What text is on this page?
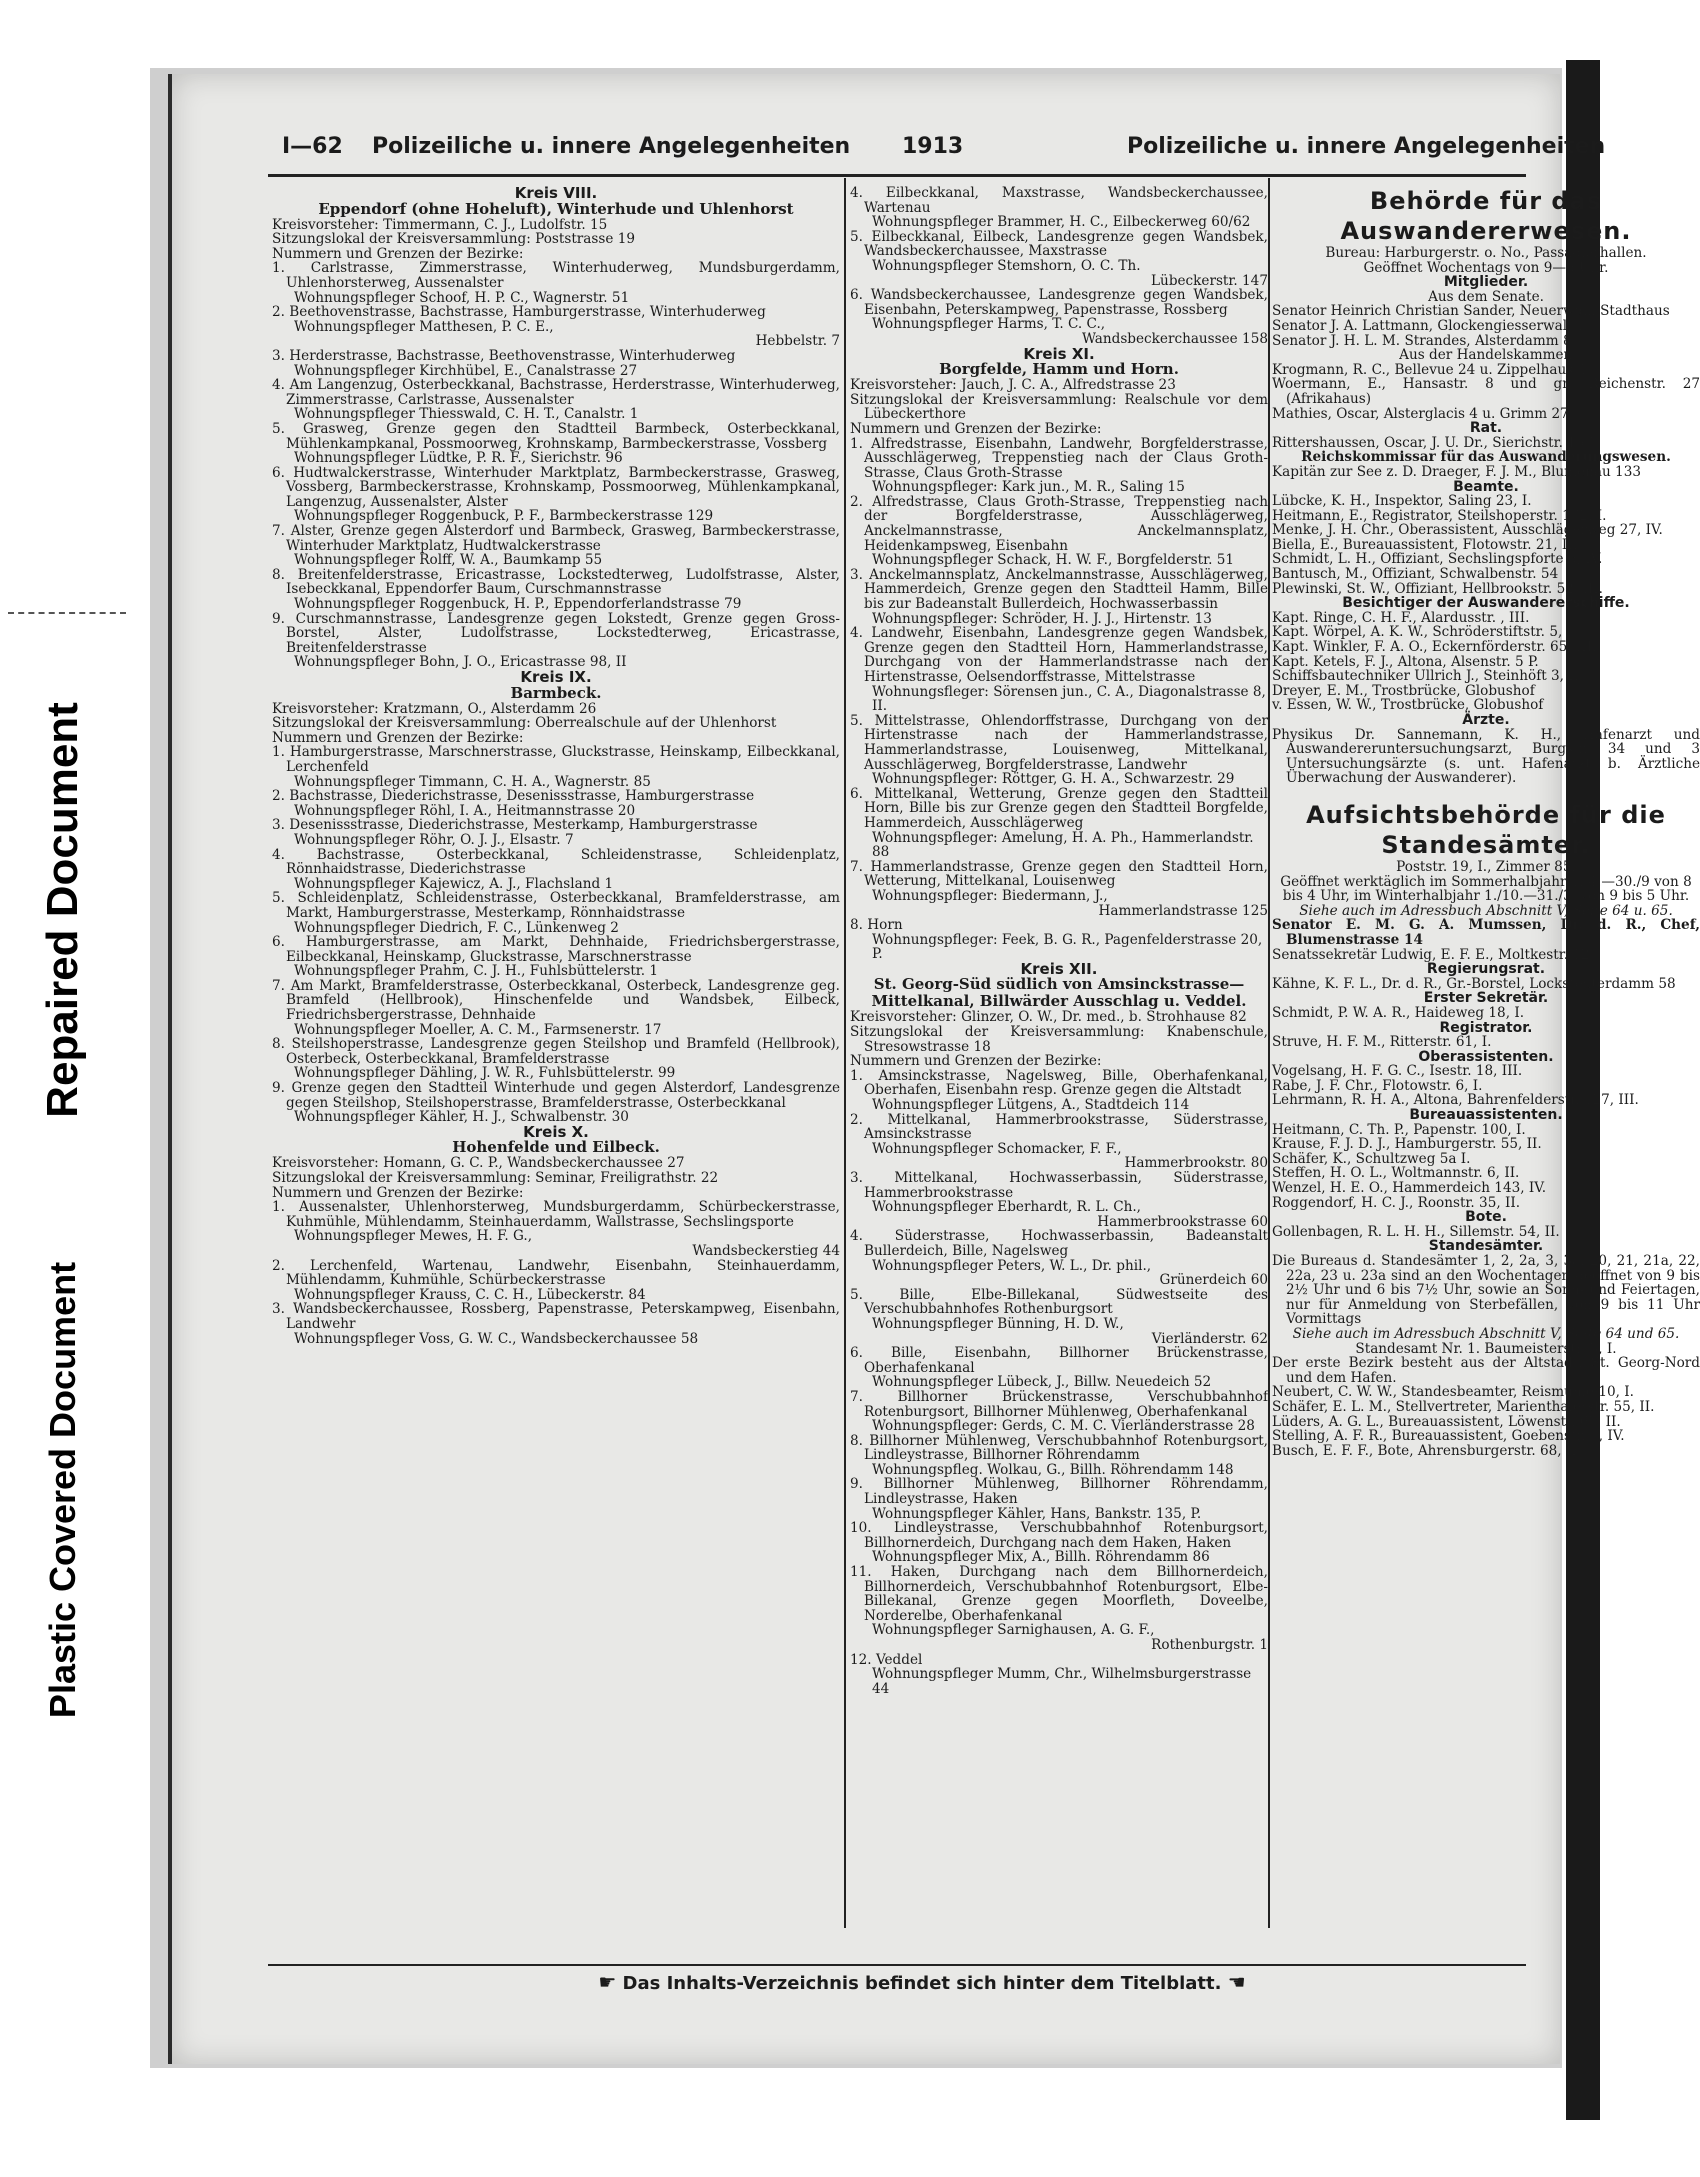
Repaired Document
Plastic Covered Document
I—62 Polizeiliche u. innere Angelegenheiten 1913	Polizeiliche u. innere Angelegenheiten

Kreis VIII.

Eppendorf (ohne Hoheluft), Winterhude und Uhlenhorst

Kreisvorsteher: Timmermann, C. J., Ludolfstr. 15

Sitzungslokal der Kreisversammlung: Poststrasse 19

Nummern und Grenzen der Bezirke:

1. Carlstrasse, Zimmerstrasse, Winterhuderweg, Mundsburgerdamm, Uhlenhorsterweg, Aussenalster

Wohnungspfleger Schoof, H. P. C., Wagnerstr. 51

2. Beethovenstrasse, Bachstrasse, Hamburgerstrasse, Winterhuderweg

Wohnungspfleger Matthesen, P. C. E.,

Hebbelstr. 7

3. Herderstrasse, Bachstrasse, Beethovenstrasse, Winterhuderweg

Wohnungspfleger Kirchhübel, E., Canalstrasse 27

4. Am Langenzug, Osterbeckkanal, Bachstrasse, Herderstrasse, Winterhuderweg, Zimmerstrasse, Carlstrasse, Aussenalster

Wohnungspfleger Thiesswald, C. H. T., Canalstr. 1

5. Grasweg, Grenze gegen den Stadtteil Barmbeck, Osterbeckkanal, Mühlenkampkanal, Possmoorweg, Krohnskamp, Barmbeckerstrasse, Vossberg

Wohnungspfleger Lüdtke, P. R. F., Sierichstr. 96

6. Hudtwalckerstrasse, Winterhuder Marktplatz, Barmbeckerstrasse, Grasweg, Vossberg, Barmbeckerstrasse, Krohnskamp, Possmoorweg, Mühlenkampkanal, Langenzug, Aussenalster, Alster

Wohnungspfleger Roggenbuck, P. F., Barmbeckerstrasse 129

7. Alster, Grenze gegen Alsterdorf und Barmbeck, Grasweg, Barmbeckerstrasse, Winterhuder Marktplatz, Hudtwalckerstrasse

Wohnungspfleger Rolff, W. A., Baumkamp 55

8. Breitenfelderstrasse, Ericastrasse, Lockstedterweg, Ludolfstrasse, Alster, Isebeckkanal, Eppendorfer Baum, Curschmannstrasse

Wohnungspfleger Roggenbuck, H. P., Eppendorferlandstrasse 79

9. Curschmannstrasse, Landesgrenze gegen Lokstedt, Grenze gegen Gross-Borstel, Alster, Ludolfstrasse, Lockstedterweg, Ericastrasse, Breitenfelderstrasse

Wohnungspfleger Bohn, J. O., Ericastrasse 98, II

Kreis IX.

Barmbeck.

Kreisvorsteher: Kratzmann, O., Alsterdamm 26

Sitzungslokal der Kreisversammlung: Oberrealschule auf der Uhlenhorst

Nummern und Grenzen der Bezirke:

1. Hamburgerstrasse, Marschnerstrasse, Gluckstrasse, Heinskamp, Eilbeckkanal, Lerchenfeld

Wohnungspfleger Timmann, C. H. A., Wagnerstr. 85

2. Bachstrasse, Diederichstrasse, Desenissstrasse, Hamburgerstrasse

Wohnungspfleger Röhl, I. A., Heitmannstrasse 20

3. Desenissstrasse, Diederichstrasse, Mesterkamp, Hamburgerstrasse

Wohnungspfleger Röhr, O. J. J., Elsastr. 7

4. Bachstrasse, Osterbeckkanal, Schleidenstrasse, Schleidenplatz, Rönnhaidstrasse, Diederichstrasse

Wohnungspfleger Kajewicz, A. J., Flachsland 1

5. Schleidenplatz, Schleidenstrasse, Osterbeckkanal, Bramfelderstrasse, am Markt, Hamburgerstrasse, Mesterkamp, Rönnhaidstrasse

Wohnungspfleger Diedrich, F. C., Lünkenweg 2

6. Hamburgerstrasse, am Markt, Dehnhaide, Friedrichsbergerstrasse, Eilbeckkanal, Heinskamp, Gluckstrasse, Marschnerstrasse

Wohnungspfleger Prahm, C. J. H., Fuhlsbüttelerstr. 1

7. Am Markt, Bramfelderstrasse, Osterbeckkanal, Osterbeck, Landesgrenze geg. Bramfeld (Hellbrook), Hinschenfelde und Wandsbek, Eilbeck, Friedrichsbergerstrasse, Dehnhaide

Wohnungspfleger Moeller, A. C. M., Farmsenerstr. 17

8. Steilshoperstrasse, Landesgrenze gegen Steilshop und Bramfeld (Hellbrook), Osterbeck, Osterbeckkanal, Bramfelderstrasse

Wohnungspfleger Dähling, J. W. R., Fuhlsbüttelerstr. 99

9. Grenze gegen den Stadtteil Winterhude und gegen Alsterdorf, Landesgrenze gegen Steilshop, Steilshoperstrasse, Bramfelderstrasse, Osterbeckkanal

Wohnungspfleger Kähler, H. J., Schwalbenstr. 30

Kreis X.

Hohenfelde und Eilbeck.

Kreisvorsteher: Homann, G. C. P., Wandsbeckerchaussee 27

Sitzungslokal der Kreisversammlung: Seminar, Freiligrathstr. 22

Nummern und Grenzen der Bezirke:

1. Aussenalster, Uhlenhorsterweg, Mundsburgerdamm, Schürbeckerstrasse, Kuhmühle, Mühlendamm, Steinhauerdamm, Wallstrasse, Sechslingsporte

Wohnungspfleger Mewes, H. F. G.,

Wandsbeckerstieg 44

2. Lerchenfeld, Wartenau, Landwehr, Eisenbahn, Steinhauerdamm, Mühlendamm, Kuhmühle, Schürbeckerstrasse

Wohnungspfleger Krauss, C. C. H., Lübeckerstr. 84

3. Wandsbeckerchaussee, Rossberg, Papenstrasse, Peterskampweg, Eisenbahn, Landwehr

Wohnungspfleger Voss, G. W. C., Wandsbeckerchaussee 58

4. Eilbeckkanal, Maxstrasse, Wandsbeckerchaussee, Wartenau

Wohnungspfleger Brammer, H. C., Eilbeckerweg 60/62

5. Eilbeckkanal, Eilbeck, Landesgrenze gegen Wandsbek, Wandsbeckerchaussee, Maxstrasse

Wohnungspfleger Stemshorn, O. C. Th.

Lübeckerstr. 147

6. Wandsbeckerchaussee, Landesgrenze gegen Wandsbek, Eisenbahn, Peterskampweg, Papenstrasse, Rossberg

Wohnungspfleger Harms, T. C. C.,

Wandsbeckerchaussee 158

Kreis XI.

Borgfelde, Hamm und Horn.

Kreisvorsteher: Jauch, J. C. A., Alfredstrasse 23

Sitzungslokal der Kreisversammlung: Realschule vor dem Lübeckerthore

Nummern und Grenzen der Bezirke:

1. Alfredstrasse, Eisenbahn, Landwehr, Borgfelderstrasse, Ausschlägerweg, Treppenstieg nach der Claus Groth-Strasse, Claus Groth-Strasse

Wohnungspfleger: Kark jun., M. R., Saling 15

2. Alfredstrasse, Claus Groth-Strasse, Treppenstieg nach der Borgfelderstrasse, Ausschlägerweg, Anckelmannstrasse, Anckelmannsplatz, Heidenkampsweg, Eisenbahn

Wohnungspfleger Schack, H. W. F., Borgfelderstr. 51

3. Anckelmannsplatz, Anckelmannstrasse, Ausschlägerweg, Hammerdeich, Grenze gegen den Stadtteil Hamm, Bille bis zur Badeanstalt Bullerdeich, Hochwasserbassin

Wohnungspfleger: Schröder, H. J. J., Hirtenstr. 13

4. Landwehr, Eisenbahn, Landesgrenze gegen Wandsbek, Grenze gegen den Stadtteil Horn, Hammerlandstrasse, Durchgang von der Hammerlandstrasse nach der Hirtenstrasse, Oelsendorffstrasse, Mittelstrasse

Wohnungsfleger: Sörensen jun., C. A., Diagonalstrasse 8, II.

5. Mittelstrasse, Ohlendorffstrasse, Durchgang von der Hirtenstrasse nach der Hammerlandstrasse, Hammerlandstrasse, Louisenweg, Mittelkanal, Ausschlägerweg, Borgfelderstrasse, Landwehr

Wohnungspfleger: Röttger, G. H. A., Schwarzestr. 29

6. Mittelkanal, Wetterung, Grenze gegen den Stadtteil Horn, Bille bis zur Grenze gegen den Stadtteil Borgfelde, Hammerdeich, Ausschlägerweg

Wohnungspfleger: Amelung, H. A. Ph., Hammerlandstr. 88

7. Hammerlandstrasse, Grenze gegen den Stadtteil Horn, Wetterung, Mittelkanal, Louisenweg

Wohnungspfleger: Biedermann, J.,

Hammerlandstrasse 125

8. Horn

Wohnungspfleger: Feek, B. G. R., Pagenfelderstrasse 20, P.

Kreis XII.

St. Georg-Süd südlich von Amsinckstrasse— Mittelkanal, Billwärder Ausschlag u. Veddel.

Kreisvorsteher: Glinzer, O. W., Dr. med., b. Strohhause 82

Sitzungslokal der Kreisversammlung: Knabenschule, Stresowstrasse 18

Nummern und Grenzen der Bezirke:

1. Amsinckstrasse, Nagelsweg, Bille, Oberhafenkanal, Oberhafen, Eisenbahn resp. Grenze gegen die Altstadt

Wohnungspfleger Lütgens, A., Stadtdeich 114

2. Mittelkanal, Hammerbrookstrasse, Süderstrasse, Amsinckstrasse

Wohnungspfleger Schomacker, F. F.,

Hammerbrookstr. 80

3. Mittelkanal, Hochwasserbassin, Süderstrasse, Hammerbrookstrasse

Wohnungspfleger Eberhardt, R. L. Ch.,

Hammerbrookstrasse 60

4. Süderstrasse, Hochwasserbassin, Badeanstalt Bullerdeich, Bille, Nagelsweg

Wohnungspfleger Peters, W. L., Dr. phil.,

Grünerdeich 60

5. Bille, Elbe-Billekanal, Südwestseite des Verschubbahnhofes Rothenburgsort

Wohnungspfleger Bünning, H. D. W.,

Vierländerstr. 62

6. Bille, Eisenbahn, Billhorner Brückenstrasse, Oberhafenkanal

Wohnungspfleger Lübeck, J., Billw. Neuedeich 52

7. Billhorner Brückenstrasse, Verschubbahnhof Rotenburgsort, Billhorner Mühlenweg, Oberhafenkanal

Wohnungspfleger: Gerds, C. M. C. Vierländerstrasse 28

8. Billhorner Mühlenweg, Verschubbahnhof Rotenburgsort, Lindleystrasse, Billhorner Röhrendamm

Wohnungspfleg. Wolkau, G., Billh. Röhrendamm 148

9. Billhorner Mühlenweg, Billhorner Röhrendamm, Lindleystrasse, Haken

Wohnungspfleger Kähler, Hans, Bankstr. 135, P.

10. Lindleystrasse, Verschubbahnhof Rotenburgsort, Billhornerdeich, Durchgang nach dem Haken, Haken

Wohnungspfleger Mix, A., Billh. Röhrendamm 86

11. Haken, Durchgang nach dem Billhornerdeich, Billhornerdeich, Verschubbahnhof Rotenburgsort, Elbe-Billekanal, Grenze gegen Moorfleth, Doveelbe, Norderelbe, Oberhafenkanal

Wohnungspfleger Sarnighausen, A. G. F.,

Rothenburgstr. 1

12. Veddel

Wohnungspfleger Mumm, Chr., Wilhelmsburgerstrasse 44

Behörde für das Auswandererwesen.

Bureau: Harburgerstr. o. No., Passagierhallen.

Geöffnet Wochentags von 9—5 Uhr.

Mitglieder.

Aus dem Senate.

Senator Heinrich Christian Sander, Neuerwall, Stadthaus

Senator J. A. Lattmann, Glockengiesserwall 1

Senator J. H. L. M. Strandes, Alsterdamm 8

Aus der Handelskammer.

Krogmann, R. C., Bellevue 24 u. Zippelhaus 4

Woermann, E., Hansastr. 8 und gr. Reichenstr. 27 (Afrikahaus)

Mathies, Oscar, Alsterglacis 4 u. Grimm 27

Rat.

Rittershaussen, Oscar, J. U. Dr., Sierichstr. 157

Reichskommissar für das Auswanderungswesen.

Kapitän zur See z. D. Draeger, F. J. M., Blumenau 133

Beamte.

Lübcke, K. H., Inspektor, Saling 23, I.

Heitmann, E., Registrator, Steilshoperstr. 172, I.

Menke, J. H. Chr., Oberassistent, Ausschlägerweg 27, IV.

Biella, E., Bureauassistent, Flotowstr. 21, III.

Schmidt, L. H., Offiziant, Sechslingspforte 6, IV.

Bantusch, M., Offiziant, Schwalbenstr. 54

Plewinski, St. W., Offiziant, Hellbrookstr. 52, III.

Besichtiger der Auswandererschiffe.

Kapt. Ringe, C. H. F., Alardusstr. , III.

Kapt. Wörpel, A. K. W., Schröderstiftstr. 5, I.

Kapt. Winkler, F. A. O., Eckernförderstr. 65, III.

Kapt. Ketels, F. J., Altona, Alsenstr. 5 P.

Schiffsbautechniker Ullrich J., Steinhöft 3, II.

Dreyer, E. M., Trostbrücke, Globushof

v. Essen, W. W., Trostbrücke, Globushof

Ärzte.

Physikus Dr. Sannemann, K. H., Hafenarzt und Auswandereruntersuchungsarzt, Burgstr. 34 und 3 Untersuchungsärzte (s. unt. Hafenarzt b. Ärztliche Überwachung der Auswanderer).

Aufsichtsbehörde für die Standesämter.

Poststr. 19, I., Zimmer 85.

Geöffnet werktäglich im Sommerhalbjahr 1./4.—30./9 von 8 bis 4 Uhr, im Winterhalbjahr 1./10.—31./3. von 9 bis 5 Uhr.

Siehe auch im Adressbuch Abschnitt V, Seite 64 u. 65.

Senator E. M. G. A. Mumssen, Dr. d. R., Chef, Blumenstrasse 14

Senatssekretär Ludwig, E. F. E., Moltkestr. 12

Regierungsrat.

Kähne, K. F. L., Dr. d. R., Gr.-Borstel, Lockstedterdamm 58

Erster Sekretär.

Schmidt, P. W. A. R., Haideweg 18, I.

Registrator.

Struve, H. F. M., Ritterstr. 61, I.

Oberassistenten.

Vogelsang, H. F. G. C., Isestr. 18, III.

Rabe, J. F. Chr., Flotowstr. 6, I.

Lehrmann, R. H. A., Altona, Bahrenfelderstr. 127, III.

Bureauassistenten.

Heitmann, C. Th. P., Papenstr. 100, I.

Krause, F. J. D. J., Hamburgerstr. 55, II.

Schäfer, K., Schultzweg 5a I.

Steffen, H. O. L., Woltmannstr. 6, II.

Wenzel, H. E. O., Hammerdeich 143, IV.

Roggendorf, H. C. J., Roonstr. 35, II.

Bote.

Gollenbagen, R. L. H. H., Sillemstr. 54, II.

Standesämter.

Die Bureaus d. Standesämter 1, 2, 2a, 3, 3a, 20, 21, 21a, 22, 22a, 23 u. 23a sind an den Wochentagen geöffnet von 9 bis 2½ Uhr und 6 bis 7½ Uhr, sowie an Sonn- und Feiertagen, nur für Anmeldung von Sterbefällen, von 9 bis 11 Uhr Vormittags

Siehe auch im Adressbuch Abschnitt V, Seite 64 und 65.

Standesamt Nr. 1. Baumeisterstr. 3, I.

Der erste Bezirk besteht aus der Altstadt, St. Georg-Nord und dem Hafen.

Neubert, C. W. W., Standesbeamter, Reismühle 10, I.

Schäfer, E. L. M., Stellvertreter, Marienthalerstr. 55, II.

Lüders, A. G. L., Bureauassistent, Löwenstr. 65, II.

Stelling, A. F. R., Bureauassistent, Goebenstr. 7, IV.

Busch, E. F. F., Bote, Ahrensburgerstr. 68, II.

☛ Das Inhalts-Verzeichnis befindet sich hinter dem Titelblatt. ☚
